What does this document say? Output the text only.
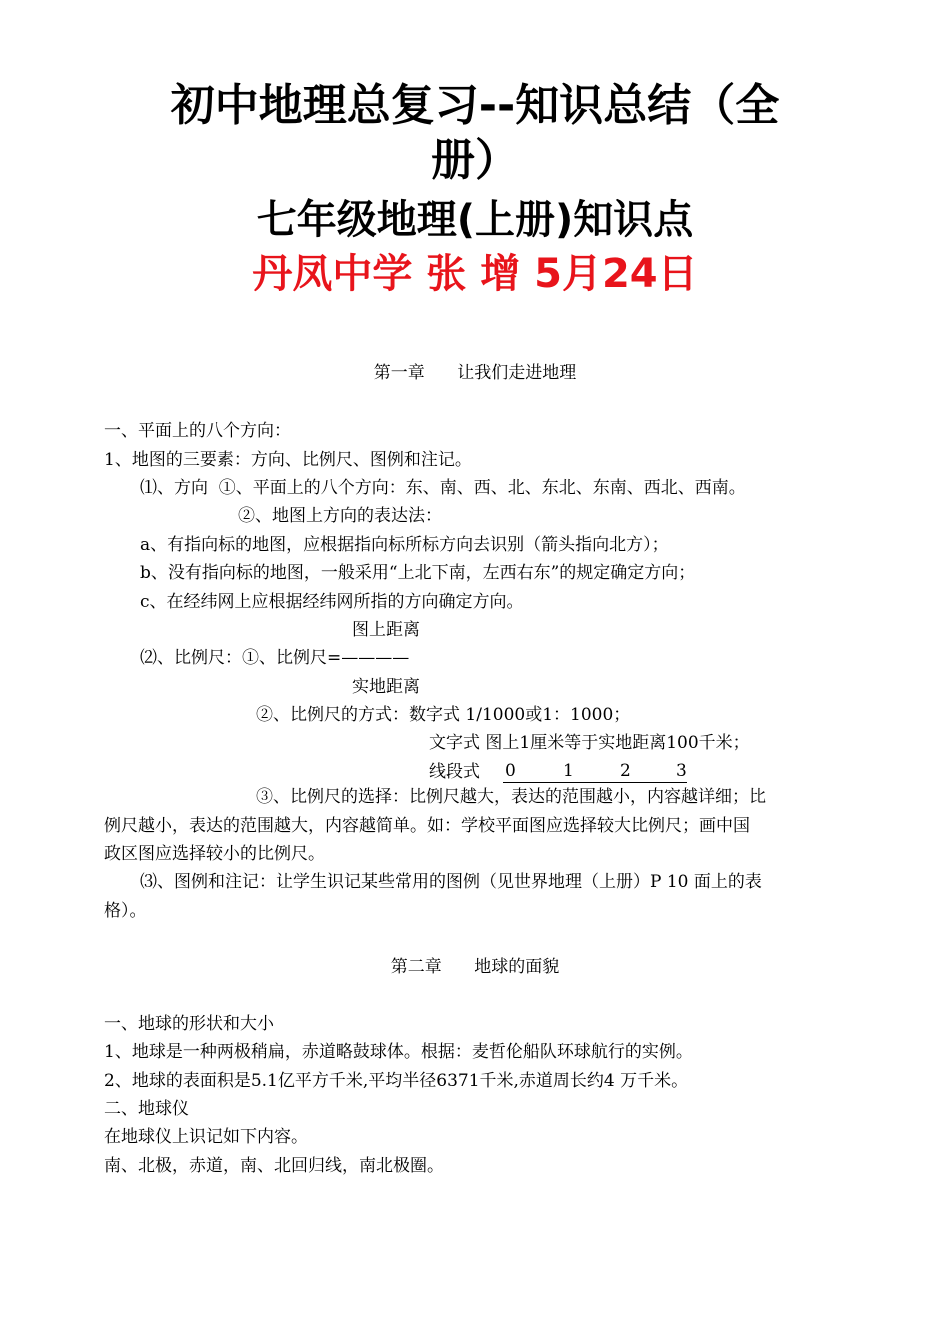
初中地理总复习--知识总结（全
册）
七年级地理(上册)知识点
丹凤中学 张 增 5月24日
第一章      让我们走进地理
一、平面上的八个方向：
1、地图的三要素：方向、比例尺、图例和注记。
⑴、方向  ①、平面上的八个方向：东、南、西、北、东北、东南、西北、西南。
②、地图上方向的表达法：
a、有指向标的地图，应根据指向标所标方向去识别（箭头指向北方）；
b、没有指向标的地图，一般采用“上北下南，左西右东”的规定确定方向；
c、在经纬网上应根据经纬网所指的方向确定方向。
图上距离
⑵、比例尺：①、比例尺=————
实地距离
②、比例尺的方式：数字式 1/1000或1：1000；
文字式 图上1厘米等于实地距离100千米；
线段式 0	1	2	3
③、比例尺的选择：比例尺越大，表达的范围越小，内容越详细；比
例尺越小，表达的范围越大，内容越简单。如：学校平面图应选择较大比例尺；画中国
政区图应选择较小的比例尺。
⑶、图例和注记：让学生识记某些常用的图例（见世界地理（上册）P 10 面上的表
格）。
第二章      地球的面貌
一、地球的形状和大小
1、地球是一种两极稍扁，赤道略鼓球体。根据：麦哲伦船队环球航行的实例。
2、地球的表面积是5.1亿平方千米,平均半径6371千米,赤道周长约4 万千米。
二、地球仪
在地球仪上识记如下内容。
南、北极，赤道，南、北回归线，南北极圈。
